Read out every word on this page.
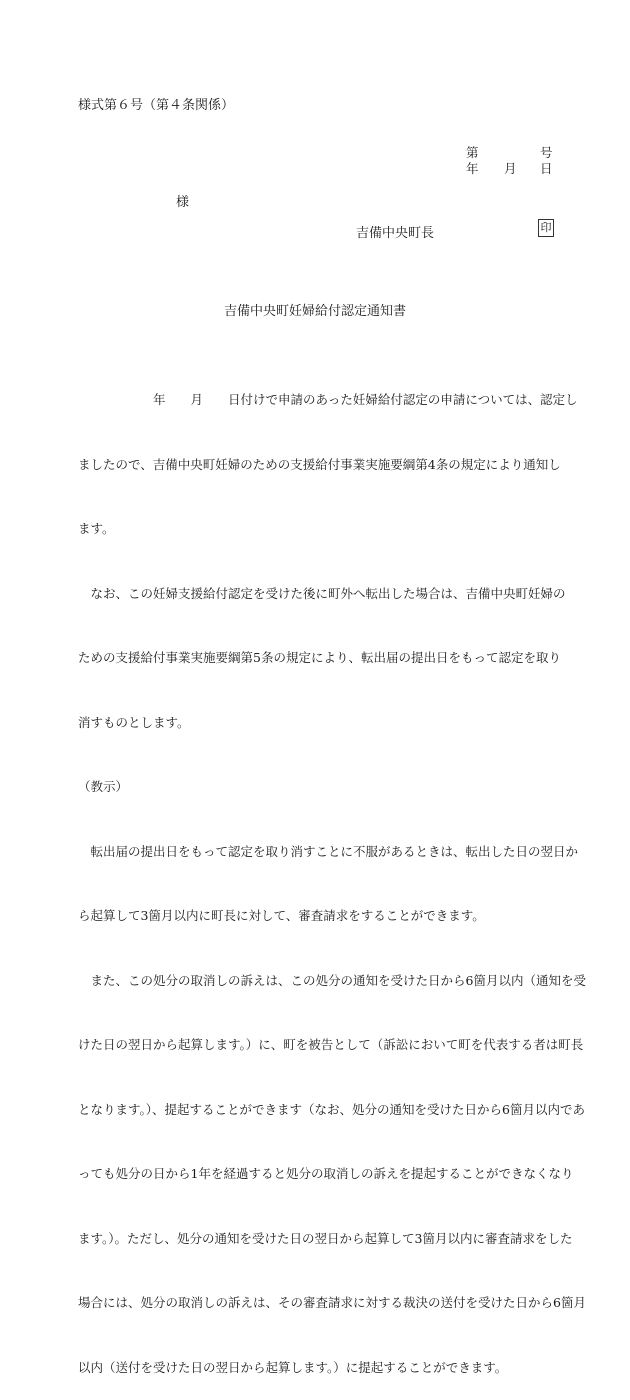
様式第６号（第４条関係）
第	号
年 月 日
様
吉備中央町長	印
吉備中央町妊婦給付認定通知書

　　　　　　年　　月　　日付けで申請のあった妊婦給付認定の申請については、認定し

ましたので、吉備中央町妊婦のための支援給付事業実施要綱第4条の規定により通知し

ます。

　なお、この妊婦支援給付認定を受けた後に町外へ転出した場合は、吉備中央町妊婦の

ための支援給付事業実施要綱第5条の規定により、転出届の提出日をもって認定を取り

消すものとします。

（教示）

　転出届の提出日をもって認定を取り消すことに不服があるときは、転出した日の翌日か

ら起算して3箇月以内に町長に対して、審査請求をすることができます。

　また、この処分の取消しの訴えは、この処分の通知を受けた日から6箇月以内（通知を受

けた日の翌日から起算します。）に、町を被告として（訴訟において町を代表する者は町長

となります。）、提起することができます（なお、処分の通知を受けた日から6箇月以内であ

っても処分の日から1年を経過すると処分の取消しの訴えを提起することができなくなり

ます。）。ただし、処分の通知を受けた日の翌日から起算して3箇月以内に審査請求をした

場合には、処分の取消しの訴えは、その審査請求に対する裁決の送付を受けた日から6箇月

以内（送付を受けた日の翌日から起算します。）に提起することができます。
